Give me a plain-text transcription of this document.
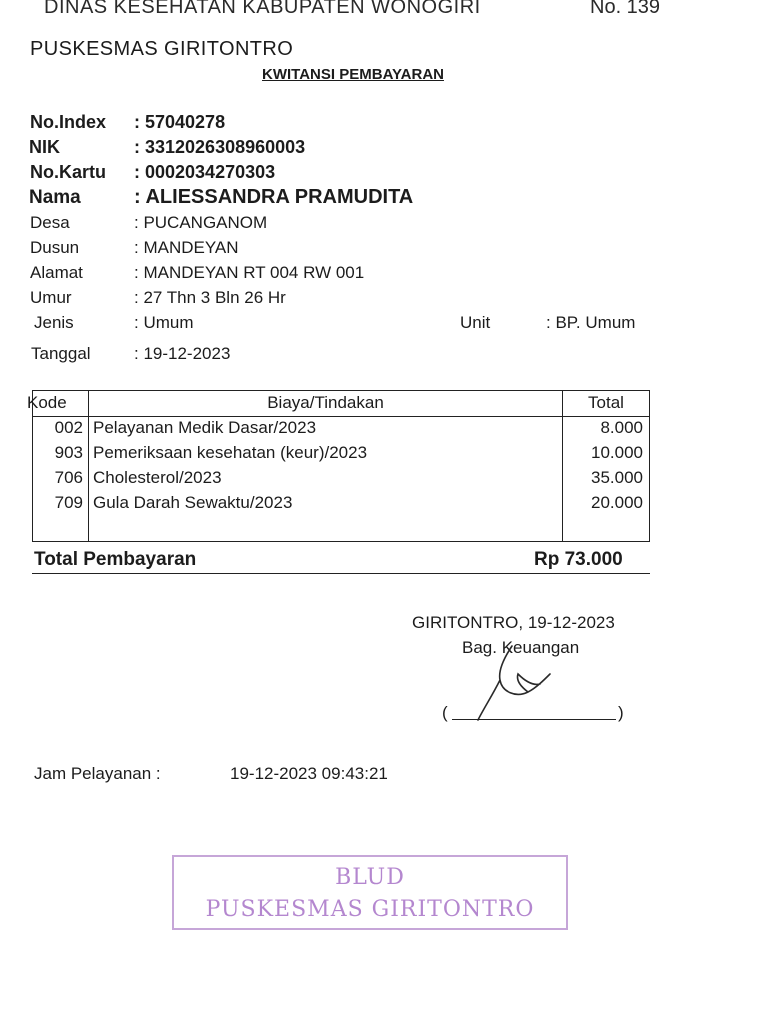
DINAS KESEHATAN KABUPATEN WONOGIRI	No. 139
PUSKESMAS GIRITONTRO
KWITANSI PEMBAYARAN
No.Index	: 57040278
NIK	: 3312026308960003
No.Kartu	: 0002034270303
Nama	: ALIESSANDRA PRAMUDITA
Desa	: PUCANGANOM
Dusun	: MANDEYAN
Alamat	: MANDEYAN RT 004 RW 001
Umur	: 27 Thn 3 Bln 26 Hr
Jenis	: Umum	Unit	: BP. Umum
Tanggal	: 19-12-2023
Kode	Biaya/Tindakan	Total
002 Pelayanan Medik Dasar/2023	8.000
903 Pemeriksaan kesehatan (keur)/2023	10.000
706 Cholesterol/2023	35.000
709 Gula Darah Sewaktu/2023	20.000
Total Pembayaran	Rp 73.000
GIRITONTRO, 19-12-2023
Bag. Keuangan
(	)
Jam Pelayanan :	19-12-2023 09:43:21
BLUD
PUSKESMAS GIRITONTRO
